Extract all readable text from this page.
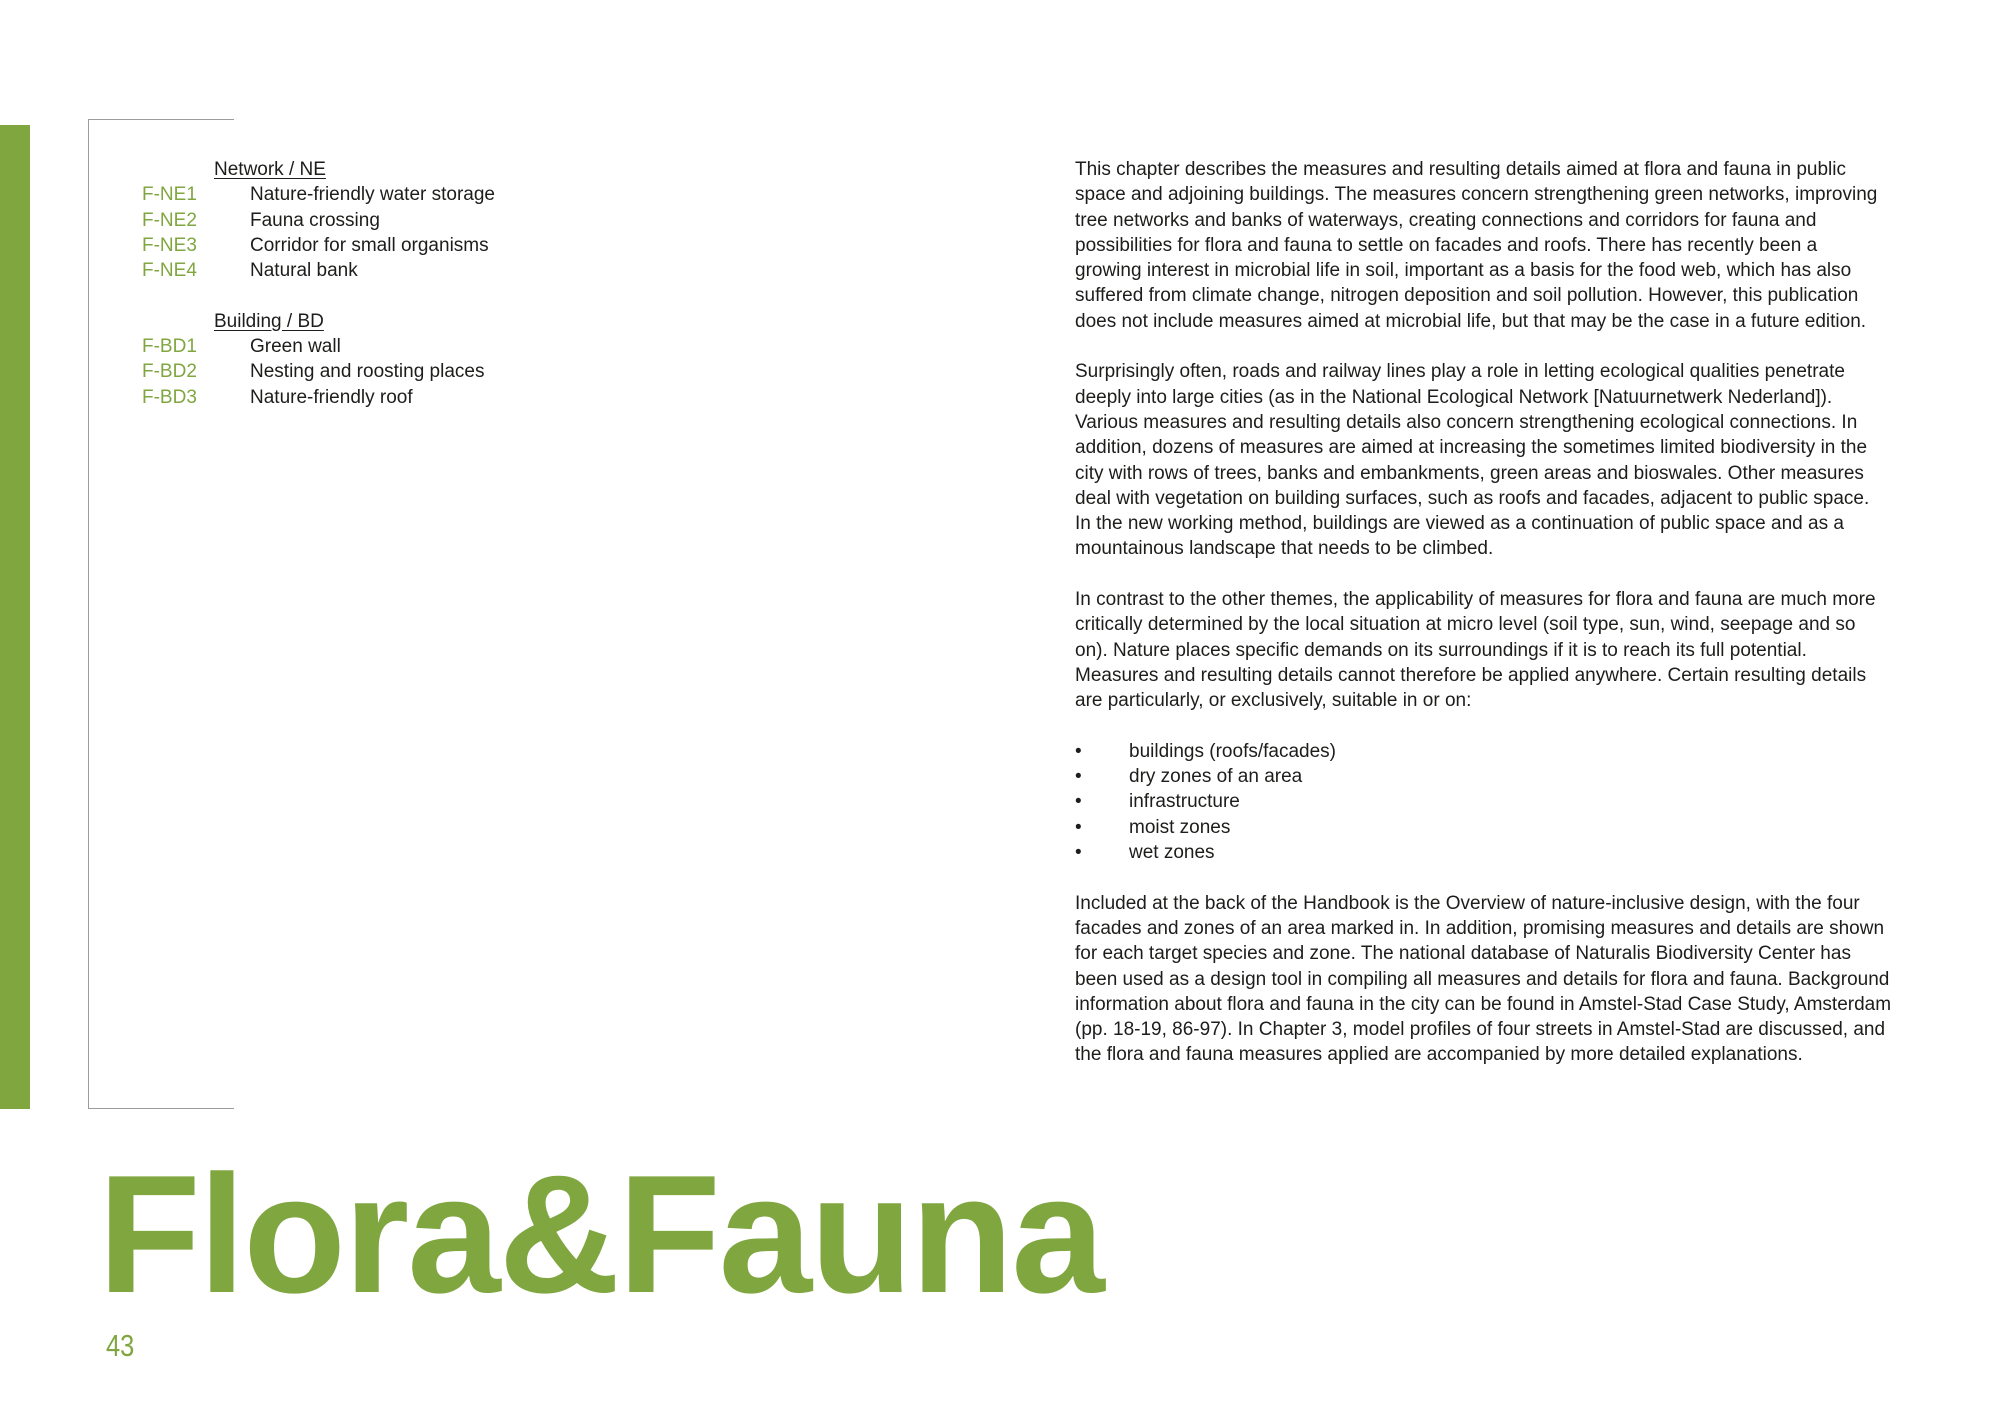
Network / NE
F-NE1	Nature-friendly water storage
F-NE2	Fauna crossing
F-NE3	Corridor for small organisms
F-NE4	Natural bank
Building / BD
F-BD1	Green wall
F-BD2	Nesting and roosting places
F-BD3	Nature-friendly roof

This chapter describes the measures and resulting details aimed at flora and fauna in public
space and adjoining buildings. The measures concern strengthening green networks, improving
tree networks and banks of waterways, creating connections and corridors for fauna and
possibilities for flora and fauna to settle on facades and roofs. There has recently been a
growing interest in microbial life in soil, important as a basis for the food web, which has also
suffered from climate change, nitrogen deposition and soil pollution. However, this publication
does not include measures aimed at microbial life, but that may be the case in a future edition.

Surprisingly often, roads and railway lines play a role in letting ecological qualities penetrate
deeply into large cities (as in the National Ecological Network [Natuurnetwerk Nederland]).
Various measures and resulting details also concern strengthening ecological connections. In
addition, dozens of measures are aimed at increasing the sometimes limited biodiversity in the
city with rows of trees, banks and embankments, green areas and bioswales. Other measures
deal with vegetation on building surfaces, such as roofs and facades, adjacent to public space.
In the new working method, buildings are viewed as a continuation of public space and as a
mountainous landscape that needs to be climbed.

In contrast to the other themes, the applicability of measures for flora and fauna are much more
critically determined by the local situation at micro level (soil type, sun, wind, seepage and so
on). Nature places specific demands on its surroundings if it is to reach its full potential.
Measures and resulting details cannot therefore be applied anywhere. Certain resulting details
are particularly, or exclusively, suitable in or on:

•	buildings (roofs/facades)
•	dry zones of an area
•	infrastructure
•	moist zones
•	wet zones

Included at the back of the Handbook is the Overview of nature-inclusive design, with the four
facades and zones of an area marked in. In addition, promising measures and details are shown
for each target species and zone. The national database of Naturalis Biodiversity Center has
been used as a design tool in compiling all measures and details for flora and fauna. Background
information about flora and fauna in the city can be found in Amstel-Stad Case Study, Amsterdam
(pp. 18-19, 86-97). In Chapter 3, model profiles of four streets in Amstel-Stad are discussed, and
the flora and fauna measures applied are accompanied by more detailed explanations.

Flora&Fauna
43
